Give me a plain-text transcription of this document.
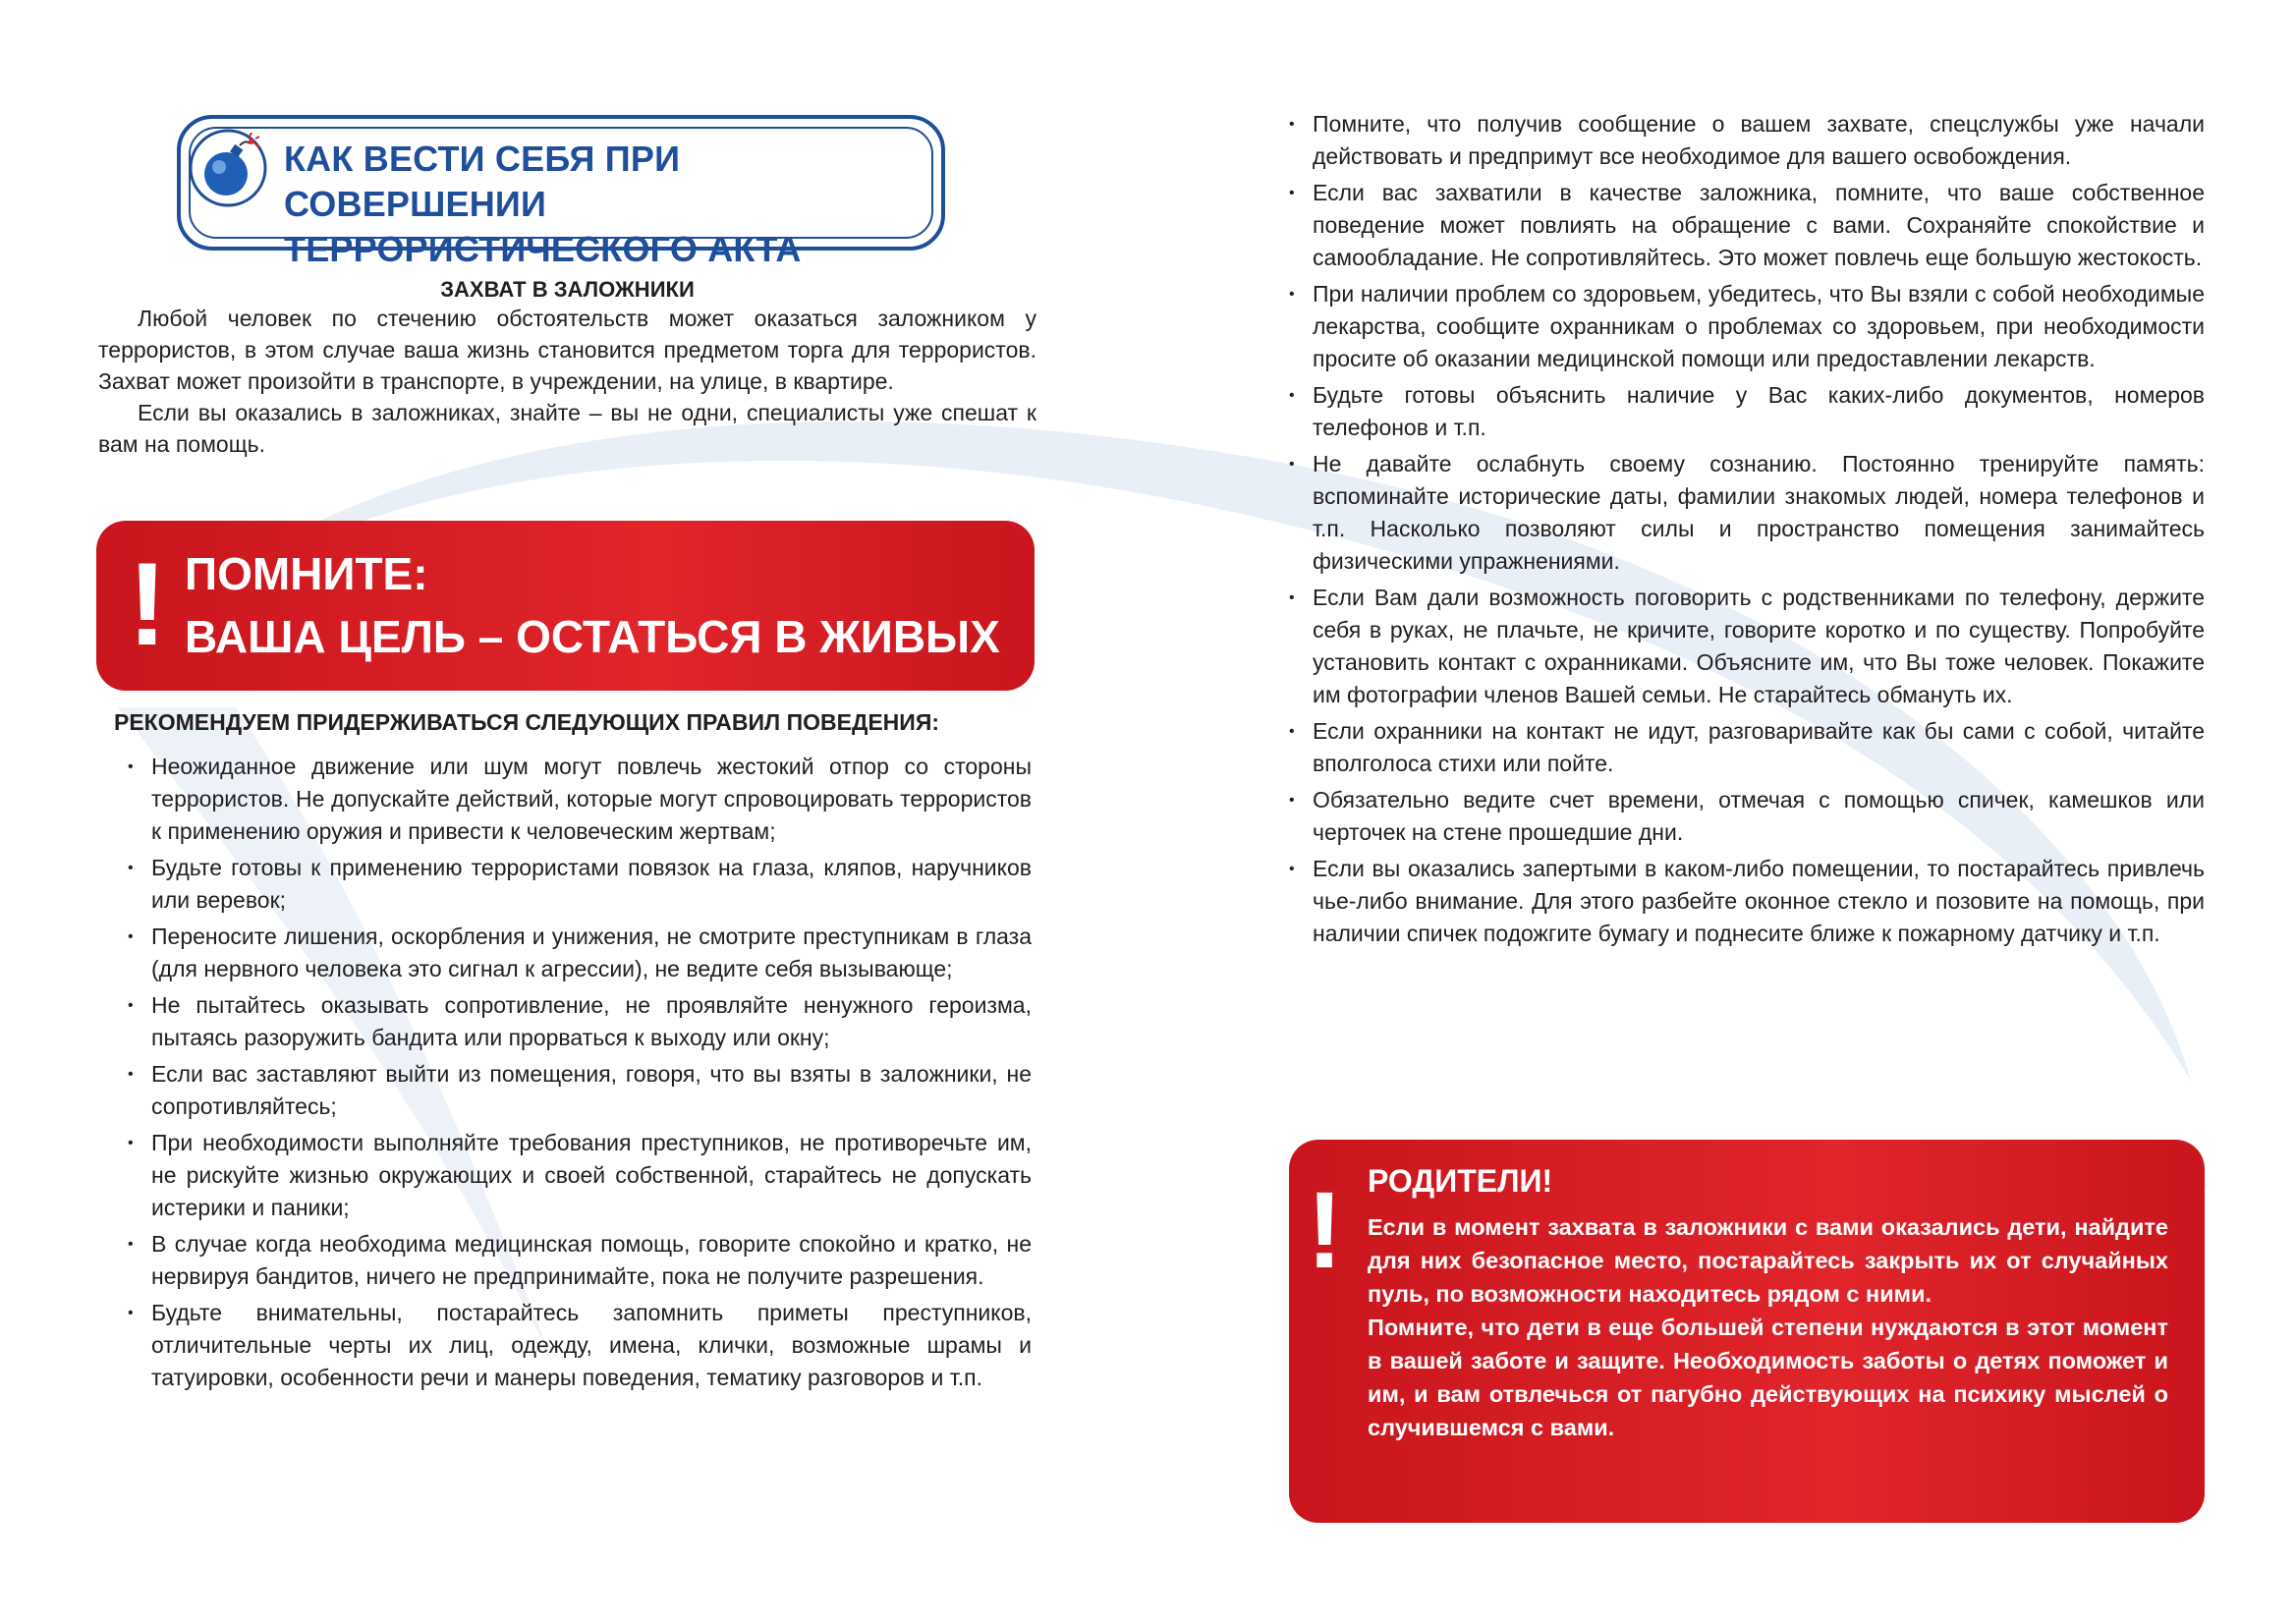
КАК ВЕСТИ СЕБЯ ПРИ СОВЕРШЕНИИ
ТЕРРОРИСТИЧЕСКОГО АКТА
ЗАХВАТ В ЗАЛОЖНИКИ

Любой человек по стечению обстоятельств может оказаться заложником у террористов, в этом случае ваша жизнь становится предметом торга для террористов. Захват может произойти в транспорте, в учреждении, на улице, в квартире.

Если вы оказались в заложниках, знайте – вы не одни, специалисты уже спешат к вам на помощь.

! ПОМНИТЕ:
ВАША ЦЕЛЬ – ОСТАТЬСЯ В ЖИВЫХ
РЕКОМЕНДУЕМ ПРИДЕРЖИВАТЬСЯ СЛЕДУЮЩИХ ПРАВИЛ ПОВЕДЕНИЯ:
• Неожиданное движение или шум могут повлечь жестокий отпор со стороны террористов. Не допускайте действий, которые могут спровоцировать террористов к применению оружия и привести к человеческим жертвам;
• Будьте готовы к применению террористами повязок на глаза, кляпов, наручников или веревок;
• Переносите лишения, оскорбления и унижения, не смотрите преступникам в глаза (для нервного человека это сигнал к агрессии), не ведите себя вызывающе;
• Не пытайтесь оказывать сопротивление, не проявляйте ненужного героизма, пытаясь разоружить бандита или прорваться к выходу или окну;
• Если вас заставляют выйти из помещения, говоря, что вы взяты в заложники, не сопротивляйтесь;
• При необходимости выполняйте требования преступников, не противоречьте им, не рискуйте жизнью окружающих и своей собственной, старайтесь не допускать истерики и паники;
• В случае когда необходима медицинская помощь, говорите спокойно и кратко, не нервируя бандитов, ничего не предпринимайте, пока не получите разрешения.
• Будьте внимательны, постарайтесь запомнить приметы преступников, отличительные черты их лиц, одежду, имена, клички, возможные шрамы и татуировки, особенности речи и манеры поведения, тематику разговоров и т.п.
• Помните, что получив сообщение о вашем захвате, спецслужбы уже начали действовать и предпримут все необходимое для вашего освобождения.
• Если вас захватили в качестве заложника, помните, что ваше собственное поведение может повлиять на обращение с вами. Сохраняйте спокойствие и самообладание. Не сопротивляйтесь. Это может повлечь еще большую жестокость.
• При наличии проблем со здоровьем, убедитесь, что Вы взяли с собой необходимые лекарства, сообщите охранникам о проблемах со здоровьем, при необходимости просите об оказании медицинской помощи или предоставлении лекарств.
• Будьте готовы объяснить наличие у Вас каких-либо документов, номеров телефонов и т.п.
• Не давайте ослабнуть своему сознанию. Постоянно тренируйте память: вспоминайте исторические даты, фамилии знакомых людей, номера телефонов и т.п. Насколько позволяют силы и пространство помещения занимайтесь физическими упражнениями.
• Если Вам дали возможность поговорить с родственниками по телефону, держите себя в руках, не плачьте, не кричите, говорите коротко и по существу. Попробуйте установить контакт с охранниками. Объясните им, что Вы тоже человек. Покажите им фотографии членов Вашей семьи. Не старайтесь обмануть их.
• Если охранники на контакт не идут, разговаривайте как бы сами с собой, читайте вполголоса стихи или пойте.
• Обязательно ведите счет времени, отмечая с помощью спичек, камешков или черточек на стене прошедшие дни.
• Если вы оказались запертыми в каком-либо помещении, то постарайтесь привлечь чье-либо внимание. Для этого разбейте оконное стекло и позовите на помощь, при наличии спичек подожгите бумагу и поднесите ближе к пожарному датчику и т.п.
! РОДИТЕЛИ!

Если в момент захвата в заложники с вами оказались дети, найдите для них безопасное место, постарайтесь закрыть их от случайных пуль, по возможности находитесь рядом с ними.

Помните, что дети в еще большей степени нуждаются в этот момент в вашей заботе и защите. Необходимость заботы о детях поможет и им, и вам отвлечься от пагубно действующих на психику мыслей о случившемся с вами.
